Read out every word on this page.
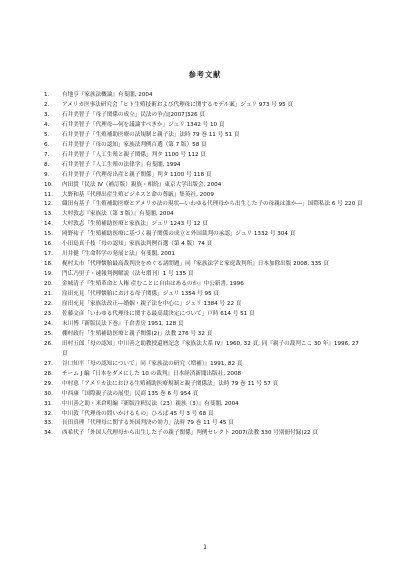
参考文献
1.	有地亨『家族法概論』有斐閣, 2004
2.	アメリカ医事法研究会「ヒト生殖技術および代理母に関するモデル案」ジュリ 973 号 95 頁
3.	石井美智子「母子関係の成立」民法の争点[2007]326 頁
4.	石井美智子「代理母―何を議論すべきか」ジュリ 1342 号 10 頁
5.	石井美智子「生殖補助医療の法規制と親子法」法時 79 巻 11 号 51 頁
6.	石井美智子「母の認知」家族法判例百選（第 7 版）58 頁
7.	石井美智子「人工生殖と親子関係」判タ 1100 号 112 頁
8.	石井美智子『人工生殖の法律学』有斐閣, 1994
9.	石井美智子「代理母出産と親子関係」判タ 1100 号 118 頁
10.	内田貴『民法 IV（補訂版）親族・相続』東京大学出版会, 2004
11.	大野和基『代理出産生殖ビジネスと命の尊厳』集英社, 2009
12.	織田有基子「生殖補助医療とアメリカ法の現状―いわゆる代理母から出生した子の母親は誰か―」国際私法 6 号 220 頁
13.	大村敦志『家族法（第 3 版）』有斐閣, 2004
14.	大村敦志「生殖補助医療と家族法」ジュリ 1243 号 12 頁
15.	岡野祐子「生殖補助医療に基づく親子関係の成立と外国裁判の承認」ジュリ 1332 号 304 頁
16.	小田島真千枝「母の認知」家族法判例百選（第 4 版）74 頁
17.	川井健『生命科学の発展と法』有斐閣, 2001
18.	梶村太市「代理懐胎最高裁判決をめぐる諸問題」同『家族法学と家庭裁判所』日本加除出版 2008, 335 頁
19.	門広乃里子・速報判例解説（法セ増刊）1 号 135 頁
20.	金城清子『生殖革命と人権 産むことに自由はあるのか』中公新書, 1996
21.	窪田充見「代理懐胎における母子関係」ジュリ 1354 号 95 頁
22.	窪田充見「家族法改正―婚姻・親子法を中心に」ジュリ 1384 号 22 頁
23.	佐藤文彦「いわゆる代理母に関する最高裁決定について」戸時 614 号 51 頁
24.	末川博『新版民法下巻』千倉書房 1951, 128 頁
25.	棚村政行「生殖補助医療と親子関係(2)」法教 276 号 32 頁
26.	田村五郎「母の認知」中川善之助教授還暦記念『家族法大系 IV』1960, 32 頁, 同『親子の裁判ここ 30 年』1996, 27 頁
27.	谷口知平「母の認知について」同『家族法の研究（増補）』1991, 82 頁
28.	チーム J 編『日本をダメにした 10 の裁判』日本経済新聞出版社, 2008
29.	中村恵「アメリカ法における生殖補助医療規制と親子関係法」法時 79 巻 11 号 57 頁
30.	中西康「国際親子法の展望」民商 135 巻 6 号 954 頁
31.	中川善之助・米倉明編『新版注釈民法（23）親族（3）』有斐閣, 2004
32.	中川敦「代理母の問いかけるもの」ひろば 45 号 3 号 68 頁
33.	長田真理「代理母に関する外国判決の効力」法時 79 巻 11 号 45 頁
34.	西希代子「外国人代理母から出生した子の親子関係」判例セレクト 2007(法教 330 号別冊付録)22 頁
1
